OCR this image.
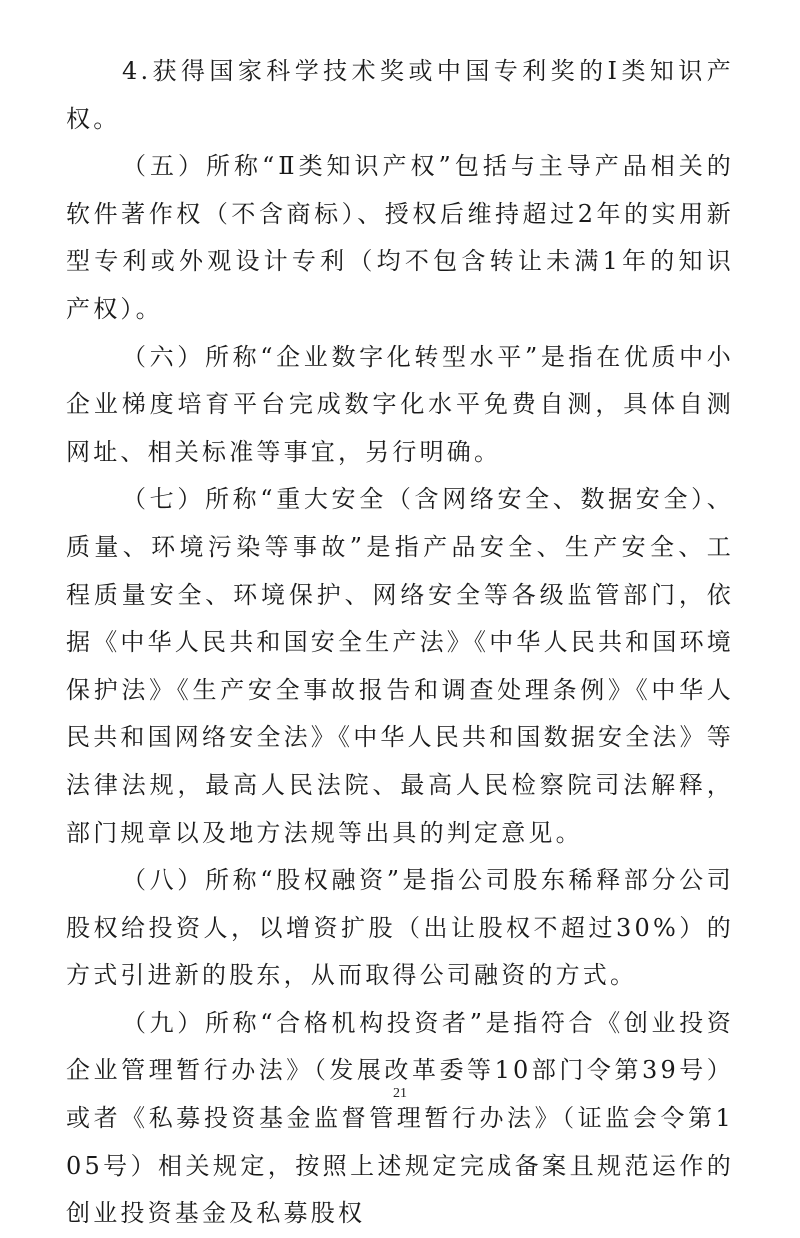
4.获得国家科学技术奖或中国专利奖的Ⅰ类知识产权。

（五）所称“Ⅱ类知识产权”包括与主导产品相关的软件著作权（不含商标）、授权后维持超过2年的实用新型专利或外观设计专利（均不包含转让未满1年的知识产权）。

（六）所称“企业数字化转型水平”是指在优质中小企业梯度培育平台完成数字化水平免费自测，具体自测网址、相关标准等事宜，另行明确。

（七）所称“重大安全（含网络安全、数据安全）、质量、环境污染等事故”是指产品安全、生产安全、工程质量安全、环境保护、网络安全等各级监管部门，依据《中华人民共和国安全生产法》《中华人民共和国环境保护法》《生产安全事故报告和调查处理条例》《中华人民共和国网络安全法》《中华人民共和国数据安全法》等法律法规，最高人民法院、最高人民检察院司法解释，部门规章以及地方法规等出具的判定意见。

（八）所称“股权融资”是指公司股东稀释部分公司股权给投资人，以增资扩股（出让股权不超过30%）的方式引进新的股东，从而取得公司融资的方式。

（九）所称“合格机构投资者”是指符合《创业投资企业管理暂行办法》（发展改革委等10部门令第39号）或者《私募投资基金监督管理暂行办法》（证监会令第105号）相关规定，按照上述规定完成备案且规范运作的创业投资基金及私募股权

21
